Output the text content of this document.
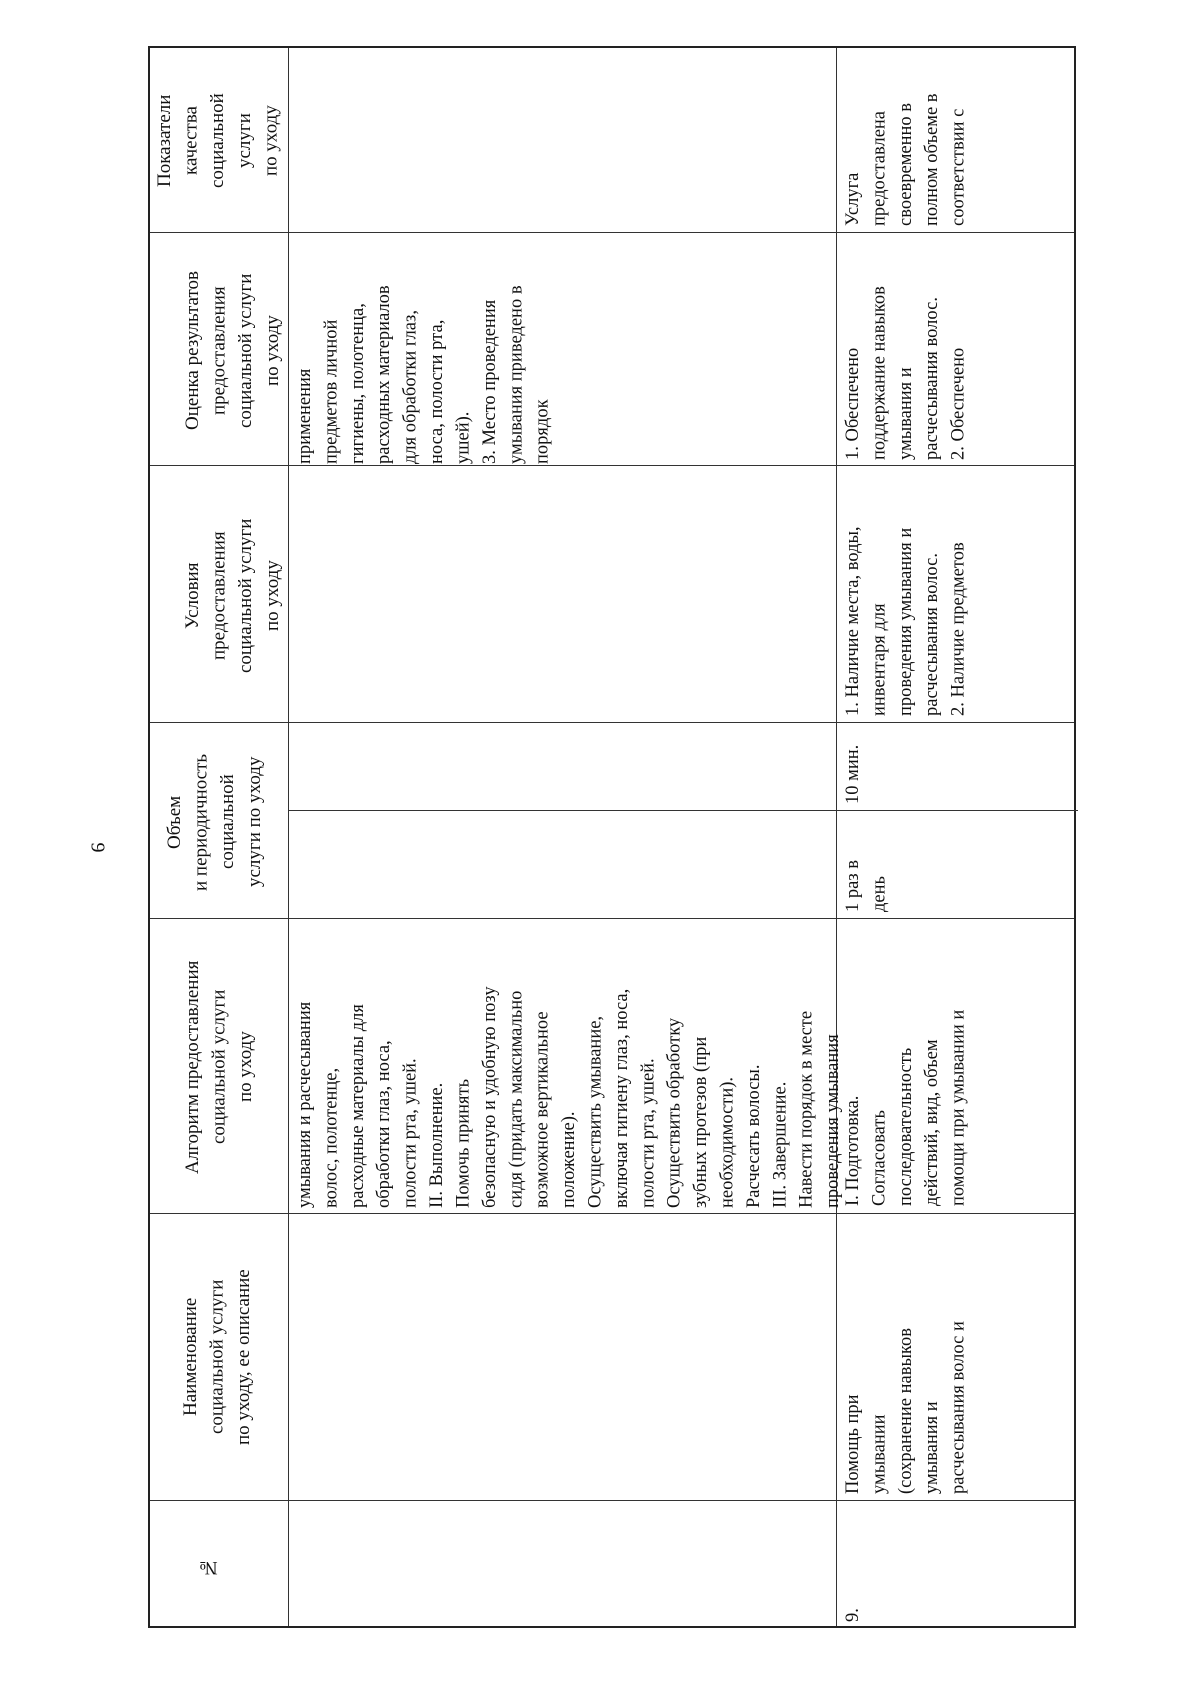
9
№
Наименование
социальной услуги
по уходу, ее описание
Алгоритм предоставления
социальной услуги
по уходу
Объем
и периодичность
социальной
услуги по уходу
Условия
предоставления
социальной услуги
по уходу
Оценка результатов
предоставления
социальной услуги
по уходу
Показатели
качества
социальной
услуги
по уходу
умывания и расчесывания
волос, полотенце,
расходные материалы для
обработки глаз, носа,
полости рта, ушей.
II. Выполнение.
Помочь принять
безопасную и удобную позу
сидя (придать максимально
возможное вертикальное
положение).
Осуществить умывание,
включая гигиену глаз, носа,
полости рта, ушей.
Осуществить обработку
зубных протезов (при
необходимости).
Расчесать волосы.
III. Завершение.
Навести порядок в месте
проведения умывания
применения
предметов личной
гигиены, полотенца,
расходных материалов
для обработки глаз,
носа, полости рта,
ушей).
3. Место проведения
умывания приведено в
порядок
9.
Помощь при
умывании
(сохранение навыков
умывания и
расчесывания волос и
I. Подготовка.
Согласовать
последовательность
действий, вид, объем
помощи при умывании и
1 раз в
день
10 мин.
1. Наличие места, воды,
инвентаря для
проведения умывания и
расчесывания волос.
2. Наличие предметов
1. Обеспечено
поддержание навыков
умывания и
расчесывания волос.
2. Обеспечено
Услуга
предоставлена
своевременно в
полном объеме в
соответствии с
